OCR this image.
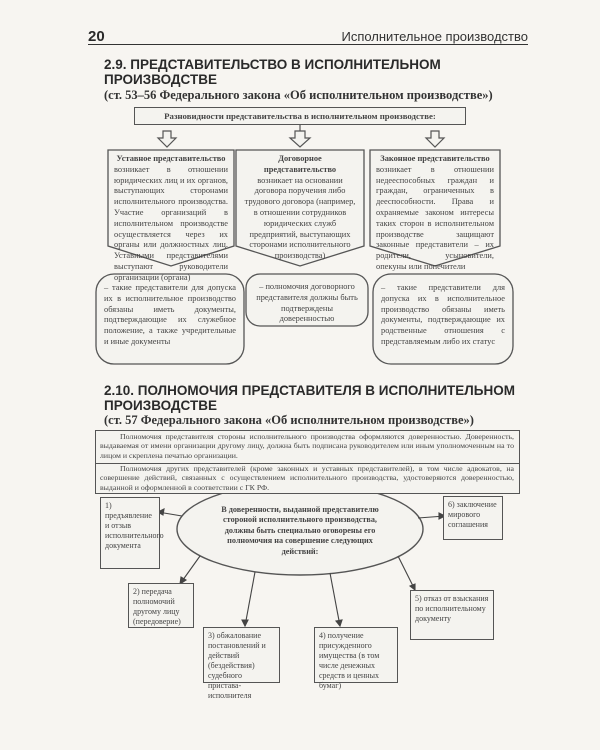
20	Исполнительное производство
2.9. ПРЕДСТАВИТЕЛЬСТВО В ИСПОЛНИТЕЛЬНОМ
ПРОИЗВОДСТВЕ
(ст. 53–56 Федерального закона «Об исполнительном производстве»)
Разновидности представительства в исполнительном производстве:
Уставное представительство
возникает в отношении юридических лиц и их органов, выступающих сторонами исполнительного производства. Участие организаций в исполнительном производстве осуществляется через их органы или должностных лиц. Уставными представителями выступают руководители организации (органа)
Договорное представительство
возникает на основании договора поручения либо трудового договора (например, в отношении сотрудников юридических служб предприятий, выступающих сторонами исполнительного производства)
Законное представительство
возникает в отношении недееспособных граждан и граждан, ограниченных в дееспособности. Права и охраняемые законом интересы таких сторон в исполнительном производстве защищают законные представители – их родители, усыновители, опекуны или попечители
– такие представители для допуска их в исполнительное производство обязаны иметь документы, подтверждающие их служебное положение, а также учредительные и иные документы
– полномочия договорного представителя должны быть подтверждены доверенностью
– такие представители для допуска их в исполнительное производство обязаны иметь документы, подтверждающие их родственные отношения с представляемым либо их статус
2.10. ПОЛНОМОЧИЯ ПРЕДСТАВИТЕЛЯ В ИСПОЛНИТЕЛЬНОМ
ПРОИЗВОДСТВЕ
(ст. 57 Федерального закона «Об исполнительном производстве»)
Полномочия представителя стороны исполнительного производства оформляются доверенностью. Доверенность, выдаваемая от имени организации другому лицу, должна быть подписана руководителем или иным уполномоченным на то лицом и скреплена печатью организации.
Полномочия других представителей (кроме законных и уставных представителей), в том числе адвокатов, на совершение действий, связанных с осуществлением исполнительного производства, удостоверяются доверенностью, выданной и оформленной в соответствии с ГК РФ.
В доверенности, выданной представителю стороной исполнительного производства, должны быть специально оговорены его полномочия на совершение следующих действий:
1) предъявление и отзыв исполнительного документа
2) передача полномочий другому лицу (передоверие)
3) обжалование постановлений и действий (бездействия) судебного пристава-исполнителя
4) получение присужденного имущества (в том числе денежных средств и ценных бумаг)
5) отказ от взыскания по исполнительному документу
6) заключение мирового соглашения
